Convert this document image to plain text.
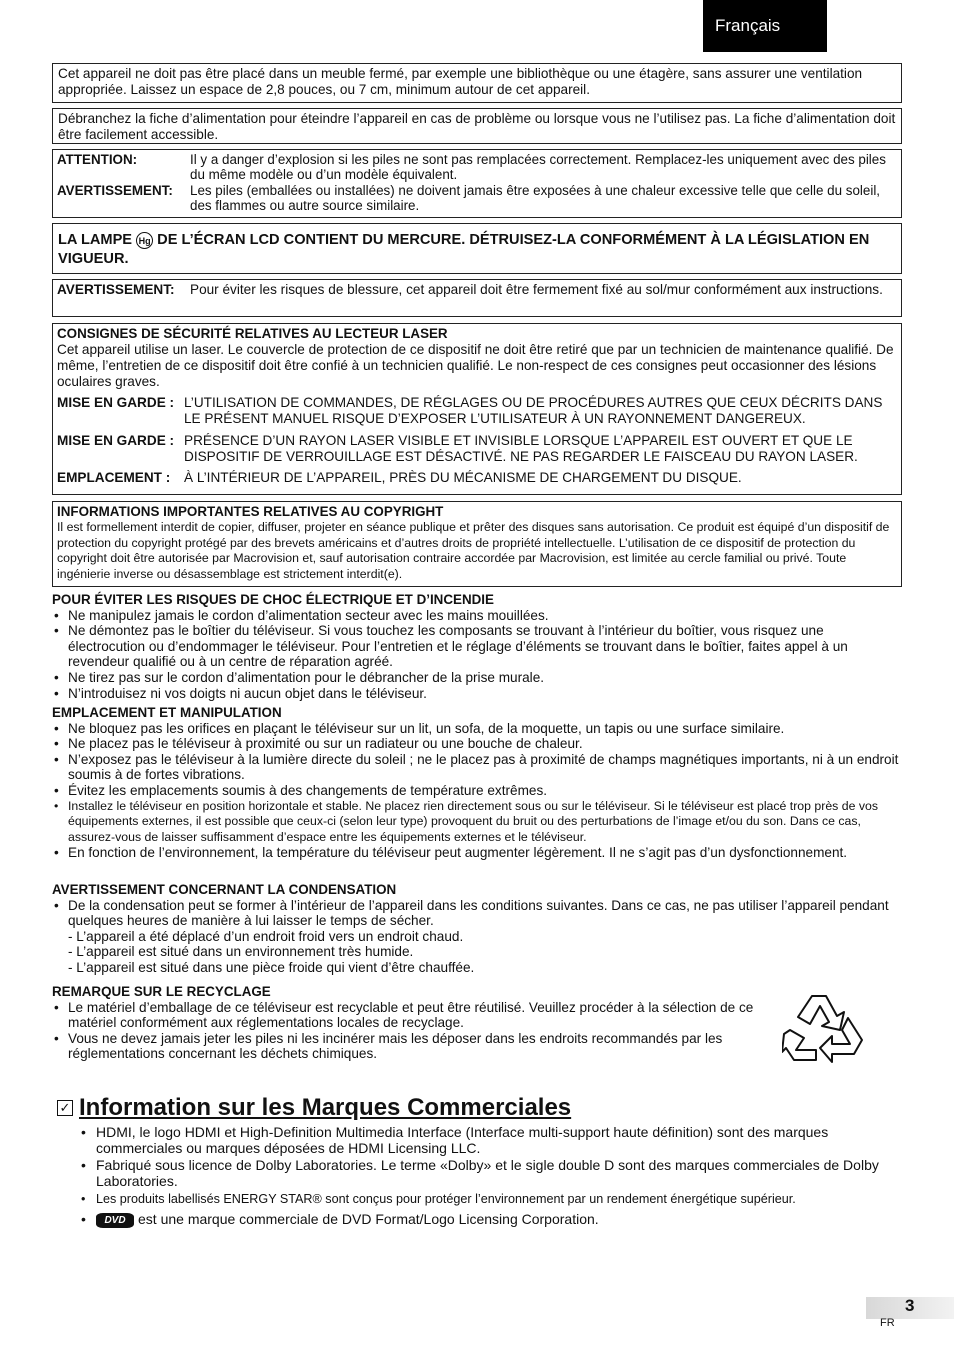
Français
Cet appareil ne doit pas être placé dans un meuble fermé, par exemple une bibliothèque ou une étagère, sans assurer une ventilation appropriée. Laissez un espace de 2,8 pouces, ou 7 cm, minimum autour de cet appareil.
Débranchez la fiche d’alimentation pour éteindre l’appareil en cas de problème ou lorsque vous ne l’utilisez pas. La fiche d’alimentation doit être facilement accessible.
ATTENTION:	Il y a danger d’explosion si les piles ne sont pas remplacées correctement. Remplacez-les uniquement avec des piles du même modèle ou d’un modèle équivalent.
AVERTISSEMENT:	Les piles (emballées ou installées) ne doivent jamais être exposées à une chaleur excessive telle que celle du soleil, des flammes ou autre source similaire.
LA LAMPE Hg DE L’ÉCRAN LCD CONTIENT DU MERCURE. DÉTRUISEZ-LA CONFORMÉMENT À LA LÉGISLATION EN VIGUEUR.
AVERTISSEMENT:	Pour éviter les risques de blessure, cet appareil doit être fermement fixé au sol/mur conformément aux instructions.
CONSIGNES DE SÉCURITÉ RELATIVES AU LECTEUR LASER
Cet appareil utilise un laser. Le couvercle de protection de ce dispositif ne doit être retiré que par un technicien de maintenance qualifié. De même, l’entretien de ce dispositif doit être confié à un technicien qualifié. Le non-respect de ces consignes peut occasionner des lésions oculaires graves.
MISE EN GARDE : L’UTILISATION DE COMMANDES, DE RÉGLAGES OU DE PROCÉDURES AUTRES QUE CEUX DÉCRITS DANS LE PRÉSENT MANUEL RISQUE D’EXPOSER L’UTILISATEUR À UN RAYONNEMENT DANGEREUX.
MISE EN GARDE : PRÉSENCE D’UN RAYON LASER VISIBLE ET INVISIBLE LORSQUE L’APPAREIL EST OUVERT ET QUE LE DISPOSITIF DE VERROUILLAGE EST DÉSACTIVÉ. NE PAS REGARDER LE FAISCEAU DU RAYON LASER.
EMPLACEMENT :	À L’INTÉRIEUR DE L’APPAREIL, PRÈS DU MÉCANISME DE CHARGEMENT DU DISQUE.
INFORMATIONS IMPORTANTES RELATIVES AU COPYRIGHT
Il est formellement interdit de copier, diffuser, projeter en séance publique et prêter des disques sans autorisation. Ce produit est équipé d’un dispositif de protection du copyright protégé par des brevets américains et d’autres droits de propriété intellectuelle. L’utilisation de ce dispositif de protection du copyright doit être autorisée par Macrovision et, sauf autorisation contraire accordée par Macrovision, est limitée au cercle familial ou privé. Toute ingénierie inverse ou désassemblage est strictement interdit(e).
POUR ÉVITER LES RISQUES DE CHOC ÉLECTRIQUE ET D’INCENDIE
• Ne manipulez jamais le cordon d’alimentation secteur avec les mains mouillées.
• Ne démontez pas le boîtier du téléviseur. Si vous touchez les composants se trouvant à l’intérieur du boîtier, vous risquez une électrocution ou d’endommager le téléviseur. Pour l’entretien et le réglage d’éléments se trouvant dans le boîtier, faites appel à un revendeur qualifié ou à un centre de réparation agréé.
• Ne tirez pas sur le cordon d’alimentation pour le débrancher de la prise murale.
• N’introduisez ni vos doigts ni aucun objet dans le téléviseur.
EMPLACEMENT ET MANIPULATION
• Ne bloquez pas les orifices en plaçant le téléviseur sur un lit, un sofa, de la moquette, un tapis ou une surface similaire.
• Ne placez pas le téléviseur à proximité ou sur un radiateur ou une bouche de chaleur.
• N’exposez pas le téléviseur à la lumière directe du soleil ; ne le placez pas à proximité de champs magnétiques importants, ni à un endroit soumis à de fortes vibrations.
• Évitez les emplacements soumis à des changements de température extrêmes.
• Installez le téléviseur en position horizontale et stable. Ne placez rien directement sous ou sur le téléviseur. Si le téléviseur est placé trop près de vos équipements externes, il est possible que ceux-ci (selon leur type) provoquent du bruit ou des perturbations de l’image et/ou du son. Dans ce cas, assurez-vous de laisser suffisamment d’espace entre les équipements externes et le téléviseur.
• En fonction de l’environnement, la température du téléviseur peut augmenter légèrement. Il ne s’agit pas d’un dysfonctionnement.
AVERTISSEMENT CONCERNANT LA CONDENSATION
• De la condensation peut se former à l’intérieur de l’appareil dans les conditions suivantes. Dans ce cas, ne pas utiliser l’appareil pendant quelques heures de manière à lui laisser le temps de sécher.
- L’appareil a été déplacé d’un endroit froid vers un endroit chaud.
- L’appareil est situé dans un environnement très humide.
- L’appareil est situé dans une pièce froide qui vient d’être chauffée.
REMARQUE SUR LE RECYCLAGE
• Le matériel d’emballage de ce téléviseur est recyclable et peut être réutilisé. Veuillez procéder à la sélection de ce matériel conformément aux réglementations locales de recyclage.
• Vous ne devez jamais jeter les piles ni les incinérer mais les déposer dans les endroits recommandés par les réglementations concernant les déchets chimiques.
✓ Information sur les Marques Commerciales
• HDMI, le logo HDMI et High-Definition Multimedia Interface (Interface multi-support haute définition) sont des marques commerciales ou marques déposées de HDMI Licensing LLC.
• Fabriqué sous licence de Dolby Laboratories. Le terme «Dolby» et le sigle double D sont des marques commerciales de Dolby Laboratories.
• Les produits labellisés ENERGY STAR® sont conçus pour protéger l’environnement par un rendement énergétique supérieur.
• DVD est une marque commerciale de DVD Format/Logo Licensing Corporation.
3
FR
